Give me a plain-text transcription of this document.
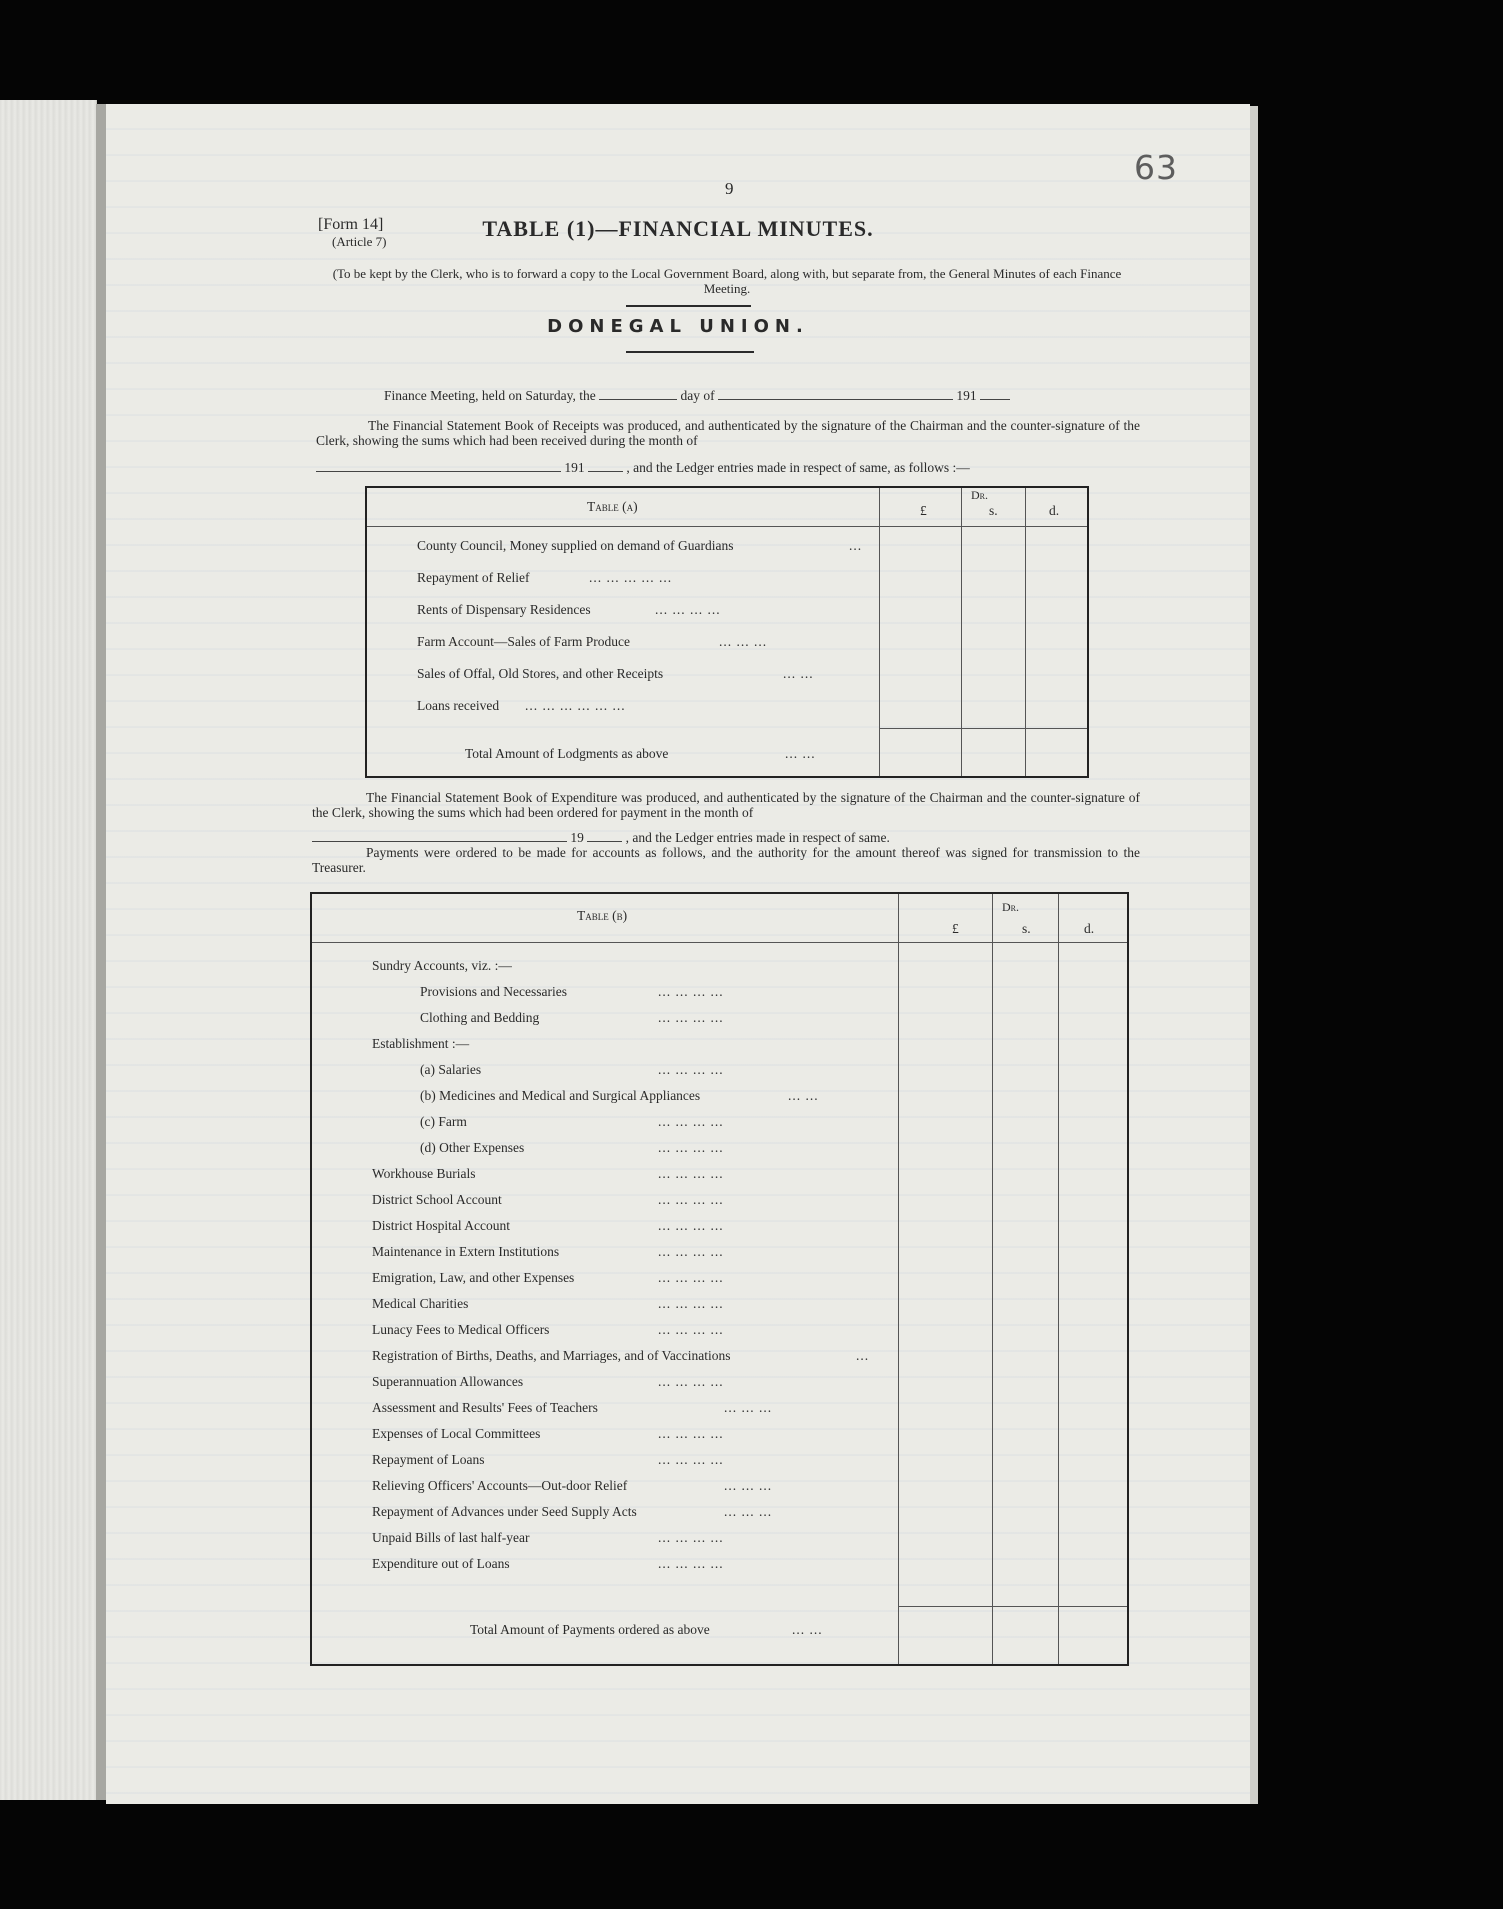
9
63
[Form 14]
(Article 7)
TABLE (1)—FINANCIAL MINUTES.
(To be kept by the Clerk, who is to forward a copy to the Local Government Board, along with, but separate from, the General Minutes of each Finance Meeting.
DONEGAL UNION.
Finance Meeting, held on Saturday, the	day of	191
The Financial Statement Book of Receipts was produced, and authenticated by the signature of the Chairman and the counter-signature of the Clerk, showing the sums which had been received during the month of
191	, and the Ledger entries made in respect of same, as follows :—
Table (a)
Dr.
£	s.	d.
County Council, Money supplied on demand of Guardians	...
Repayment of Relief	... ... ... ... ...
Rents of Dispensary Residences	... ... ... ...
Farm Account—Sales of Farm Produce	... ... ...
Sales of Offal, Old Stores, and other Receipts	... ...
Loans received ... ... ... ... ... ...
Total Amount of Lodgments as above	... ...
The Financial Statement Book of Expenditure was produced, and authenticated by the signature of the Chairman and the counter-signature of the Clerk, showing the sums which had been ordered for payment in the month of
19	, and the Ledger entries made in respect of same.
Payments were ordered to be made for accounts as follows, and the authority for the amount thereof was signed for transmission to the Treasurer.
Table (b)
Dr.
£	s.	d.
Sundry Accounts, viz. :—
Provisions and Necessaries	... ... ... ...
Clothing and Bedding	... ... ... ...
Establishment :—
(a) Salaries	... ... ... ...
(b) Medicines and Medical and Surgical Appliances	... ...
(c) Farm	... ... ... ...
(d) Other Expenses	... ... ... ...
Workhouse Burials	... ... ... ...
District School Account	... ... ... ...
District Hospital Account	... ... ... ...
Maintenance in Extern Institutions	... ... ... ...
Emigration, Law, and other Expenses	... ... ... ...
Medical Charities	... ... ... ...
Lunacy Fees to Medical Officers	... ... ... ...
Registration of Births, Deaths, and Marriages, and of Vaccinations	...
Superannuation Allowances	... ... ... ...
Assessment and Results' Fees of Teachers	... ... ...
Expenses of Local Committees	... ... ... ...
Repayment of Loans	... ... ... ...
Relieving Officers' Accounts—Out-door Relief	... ... ...
Repayment of Advances under Seed Supply Acts	... ... ...
Unpaid Bills of last half-year	... ... ... ...
Expenditure out of Loans	... ... ... ...
Total Amount of Payments ordered as above	... ...
